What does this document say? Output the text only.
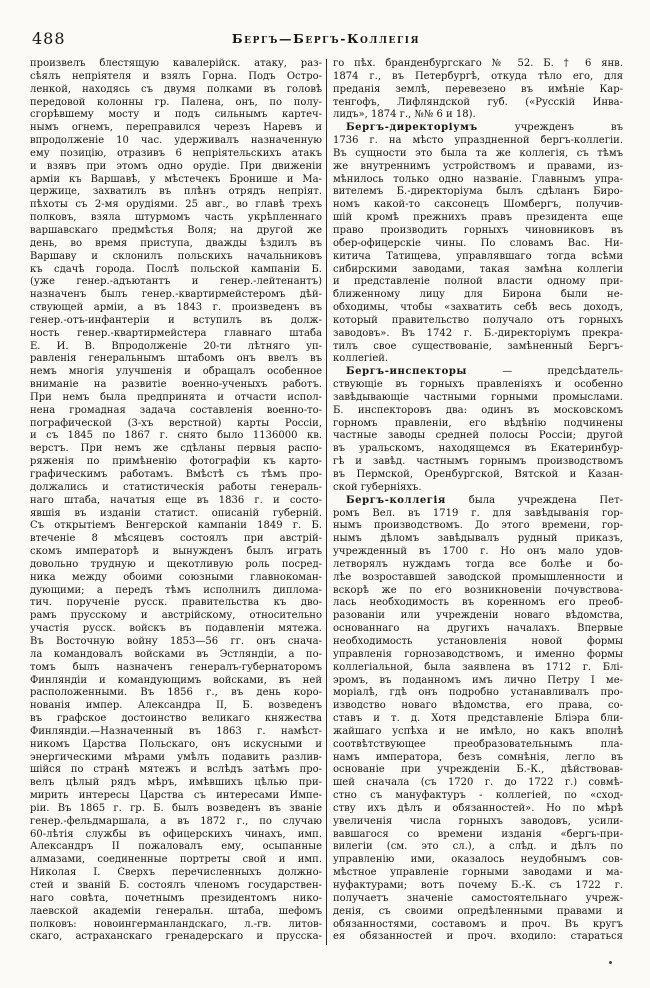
488	Бергъ—Бергъ-Коллегія
произвелъ блестящую кавалерійск. атаку, раз-
сѣялъ непріятеля и взялъ Горна. Подъ Остро-
ленкой, находясь съ двумя полками въ головѣ
передовой колонны гр. Палена, онъ, по полу-
сгорѣвшему мосту и подъ сильнымъ картеч-
нымъ огнемъ, переправился черезъ Наревъ и
впродолженіе 10 час. удерживалъ назначенную
ему позицію, отразивъ 6 непріятельскихъ атакъ
и взявъ при этомъ одно орудіе. При движеніи
арміи къ Варшавѣ, у мѣстечекъ Бронише и Ма-
цержице, захватилъ въ плѣнъ отрядъ непріят.
пѣхоты съ 2-мя орудіями. 25 авг., во главѣ трехъ
полковъ, взяла штурмомъ часть укрѣпленнаго
варшавскаго предмѣстья Воля; на другой же
день, во время приступа, дважды ѣздилъ въ
Варшаву и склонилъ польскихъ начальниковъ
къ сдачѣ города. Послѣ польской кампаніи Б.
(уже генер.-адъютантъ и генер.-лейтенантъ)
назначенъ былъ генер.-квартирмейстеромъ дѣй-
ствующей арміи, а въ 1843 г. произведенъ въ
генер.-отъ-инфантеріи и вступилъ въ долж-
ность генер.-квартирмейстера главнаго штаба
Е. И. В. Впродолженіе 20-ти лѣтняго уп-
равленія генеральнымъ штабомъ онъ ввелъ въ
немъ многія улучшенія и обращалъ особенное
вниманіе на развитіе военно-ученыхъ работъ.
При немъ была предпринята и отчасти испол-
нена громадная задача составленія военно-то-
пографической (3-хъ верстной) карты Россіи,
и съ 1845 по 1867 г. снято было 1136000 кв.
верстъ. При немъ же сдѣланы первыя распо-
ряженія по примѣненію фотографіи къ карто-
графическимъ работамъ. Вмѣстѣ съ тѣмъ про-
должались и статистическія работы генераль-
наго штаба, начатыя еще въ 1836 г. и состо-
явшія въ изданіи статист. описаній губерній.
Съ открытіемъ Венгерской кампаніи 1849 г. Б.
втеченіе 8 мѣсяцевъ состоялъ при австрій-
скомъ императорѣ и вынужденъ былъ играть
довольно трудную и щекотливую роль посред-
ника между обоими союзными главнокоман-
дующими; а передъ тѣмъ исполнилъ диплома-
тич. порученіе русск. правительства къ дво-
рамъ прусскому и австрійскому, относительно
участія русск. войскъ въ подавленіи мятежа.
Въ Восточную войну 1853—56 гг. онъ снача-
ла командовалъ войсками въ Эстляндіи, а по-
томъ былъ назначенъ генералъ-губернаторомъ
Финляндіи и командующимъ войсками, въ ней
расположенными. Въ 1856 г., въ день коро-
нованія импер. Александра II, Б. возведенъ
въ графское достоинство великаго княжества
Финляндіи.—Назначенный въ 1863 г. намѣст-
никомъ Царства Польскаго, онъ искусными и
энергическими мѣрами умѣлъ подавить разлив-
шійся по странѣ мятежъ и вслѣдъ затѣмъ про-
велъ цѣлый рядъ мѣръ, имѣвшихъ цѣлью при-
мирить интересы Царства съ интересами Импе-
ріи. Въ 1865 г. гр. Б. былъ возведенъ въ званіе
генер.-фельдмаршала, а въ 1872 г., по случаю
60-лѣтія службы въ офицерскихъ чинахъ, имп.
Александръ II пожаловалъ ему, осыпанные
алмазами, соединенные портреты свой и имп.
Николая I. Сверхъ перечисленныхъ должно-
стей и званій Б. состоялъ членомъ государствен-
наго совѣта, почетнымъ президентомъ нико-
лаевской академіи генеральн. штаба, шефомъ
полковъ: новоингерманландскаго, л.-гв. литов-
скаго, астраханскаго гренадерскаго и прусска-
го пѣх. бранденбургскаго № 52. Б. † 6 янв.
1874 г., въ Петербургѣ, откуда тѣло его, для
преданія землѣ, перевезено въ имѣніе Кар-
тенгофъ, Лифляндской губ. («Русскій Инва-
лидъ», 1874 г., №№ 6 и 18).
Бергъ-директоріумъ учрежденъ въ
1736 г. на мѣсто упраздненной бергъ-коллегіи.
Въ сущности это была та же коллегія, съ тѣмъ
же внутреннимъ устройствомъ и правами, из-
мѣнилось только одно названіе. Главнымъ упра-
вителемъ Б.-директоріума былъ сдѣланъ Биро-
номъ какой-то саксонецъ Шомбергъ, получив-
шій кромѣ прежнихъ правъ президента еще
право производить горныхъ чиновниковъ въ
обер-офицерскіе чины. По словамъ Вас. Ни-
китича Татищева, управлявшаго тогда всѣми
сибирскими заводами, такая замѣна коллегіи
и представленіе полной власти одному при-
ближенному лицу для Бирона были не-
обходимы, чтобы «захватить себѣ весь доходъ,
который правительство получало отъ горныхъ
заводовъ». Въ 1742 г. Б.-директоріумъ прекра-
тилъ свое существованіе, замѣненный Бергъ-
коллегіей.
Бергъ-инспекторы — предсѣдатель-
ствующіе въ горныхъ правленіяхъ и особенно
завѣдывающіе частными горными промыслами.
Б. инспекторовъ два: одинъ въ московскомъ
горномъ правленіи, его вѣдѣнію подчинены
частные заводы средней полосы Россіи; другой
въ уральскомъ, находящемся въ Екатеринбур-
гѣ и завѣд. частнымъ горнымъ производствомъ
въ Пермской, Оренбургской, Вятской и Казан-
ской губерніяхъ.
Бергъ-коллегія была учреждена Пет-
ромъ Вел. въ 1719 г. для завѣдыванія гор-
нымъ производствомъ. До этого времени, гор-
нымъ дѣломъ завѣдывалъ рудный приказъ,
учрежденный въ 1700 г. Но онъ мало удов-
летворялъ нуждамъ тогда все болѣе и бо-
лѣе возроставшей заводской промышленности и
вскорѣ же по его возникновеніи почувствова-
лась необходимость въ коренномъ его преоб-
разованіи или учрежденіи новаго вѣдомства,
основаннаго на другихъ началахъ. Впервые
необходимость установленія новой формы
управленія горнозаводствомъ, и именно формы
коллегіальной, была заявлена въ 1712 г. Блі-
эромъ, въ поданномъ имъ лично Петру I ме-
моріалѣ, гдѣ онъ подробно устанавливалъ про-
изводство новаго вѣдомства, его права, со-
ставъ и т. д. Хотя представленіе Бліэра бли-
жайшаго успѣха и не имѣло, но какъ вполнѣ
соотвѣтствующее преобразовательнымъ пла-
намъ императора, безъ сомнѣнія, легло въ
основаніе при учрежденіи Б.-К., дѣйствовав-
шей сначала (съ 1720 г. до 1722 г.) совмѣ-
стно съ мануфактуръ - коллегіей, по «сход-
ству ихъ дѣлъ и обязанностей». Но по мѣрѣ
увеличенія числа горныхъ заводовъ, усили-
вавшагося со времени изданія «бергъ-при-
вилегіи (см. это сл.), а слѣд. и дѣлъ по
управленію ими, оказалось неудобнымъ сов-
мѣстное управленіе горными заводами и ма-
нуфактурами; вотъ почему Б.-К. съ 1722 г.
получаетъ значеніе самостоятельнаго учреж-
денія, съ своими опредѣленными правами и
обязанностями, составомъ и проч. Въ кругъ
ея обязанностей и проч. входило: стараться
